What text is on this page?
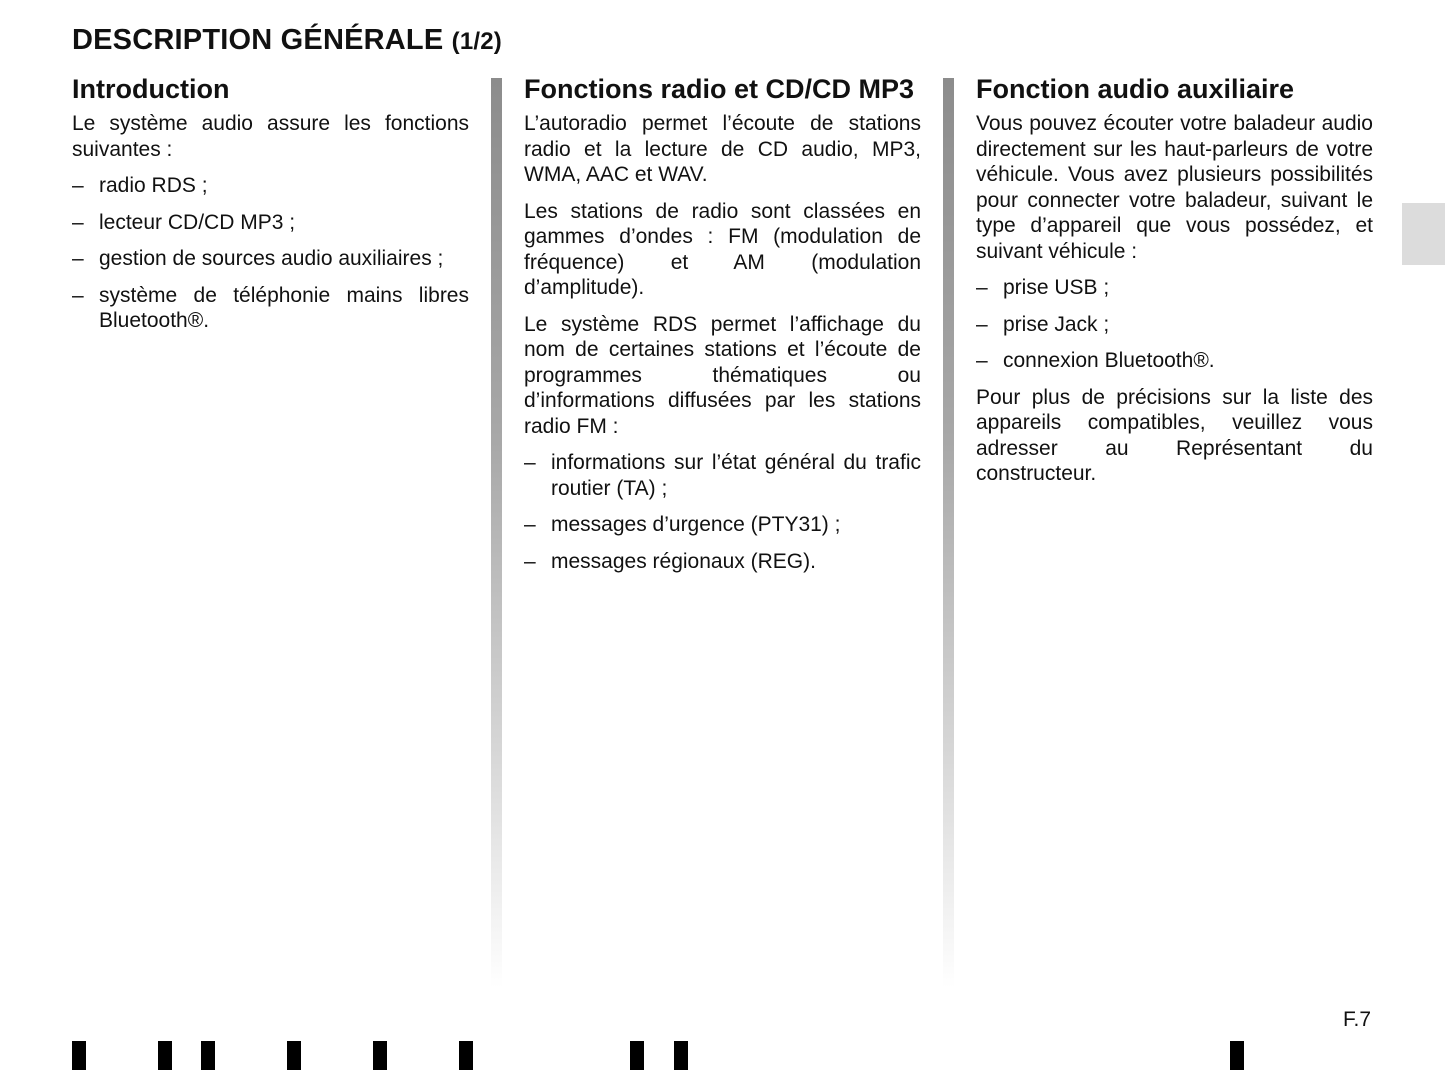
DESCRIPTION GÉNÉRALE (1/2)
Introduction

Le système audio assure les fonctions suivantes :

– radio RDS ;
– lecteur CD/CD MP3 ;
– gestion de sources audio auxiliaires ;
– système de téléphonie mains libres Bluetooth®.
Fonctions radio et CD/CD MP3

L’autoradio permet l’écoute de stations radio et la lecture de CD audio, MP3, WMA, AAC et WAV.

Les stations de radio sont classées en gammes d’ondes : FM (modulation de fréquence) et AM (modulation d’amplitude).

Le système RDS permet l’affichage du nom de certaines stations et l’écoute de programmes thématiques ou d’informations diffusées par les stations radio FM :

– informations sur l’état général du trafic routier (TA) ;
– messages d’urgence (PTY31) ;
– messages régionaux (REG).
Fonction audio auxiliaire

Vous pouvez écouter votre baladeur audio directement sur les haut-parleurs de votre véhicule. Vous avez plusieurs possibilités pour connecter votre baladeur, suivant le type d’appareil que vous possédez, et suivant véhicule :

– prise USB ;
– prise Jack ;
– connexion Bluetooth®.

Pour plus de précisions sur la liste des appareils compatibles, veuillez vous adresser au Représentant du constructeur.

F.7
